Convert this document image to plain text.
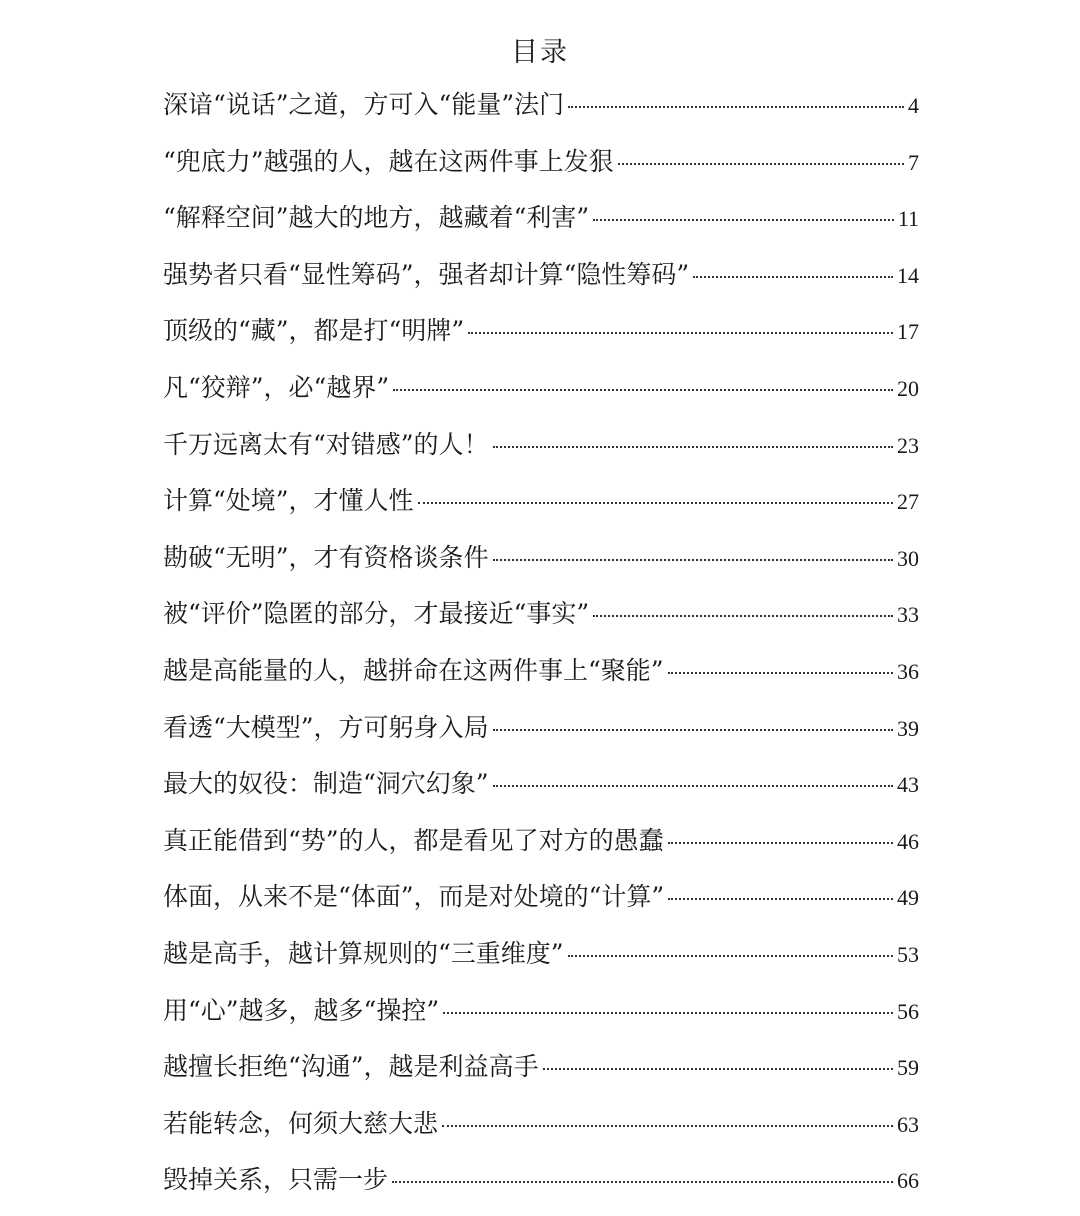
目录
深谙“说话”之道，方可入“能量”法门	4
“兜底力”越强的人，越在这两件事上发狠	7
“解释空间”越大的地方，越藏着“利害”	11
强势者只看“显性筹码”，强者却计算“隐性筹码”	14
顶级的“藏”，都是打“明牌”	17
凡“狡辩”，必“越界”	20
千万远离太有“对错感”的人！	23
计算“处境”，才懂人性	27
勘破“无明”，才有资格谈条件	30
被“评价”隐匿的部分，才最接近“事实”	33
越是高能量的人，越拼命在这两件事上“聚能”	36
看透“大模型”，方可躬身入局	39
最大的奴役：制造“洞穴幻象”	43
真正能借到“势”的人，都是看见了对方的愚蠢	46
体面，从来不是“体面”，而是对处境的“计算”	49
越是高手，越计算规则的“三重维度”	53
用“心”越多，越多“操控”	56
越擅长拒绝“沟通”，越是利益高手	59
若能转念，何须大慈大悲	63
毁掉关系，只需一步	66
